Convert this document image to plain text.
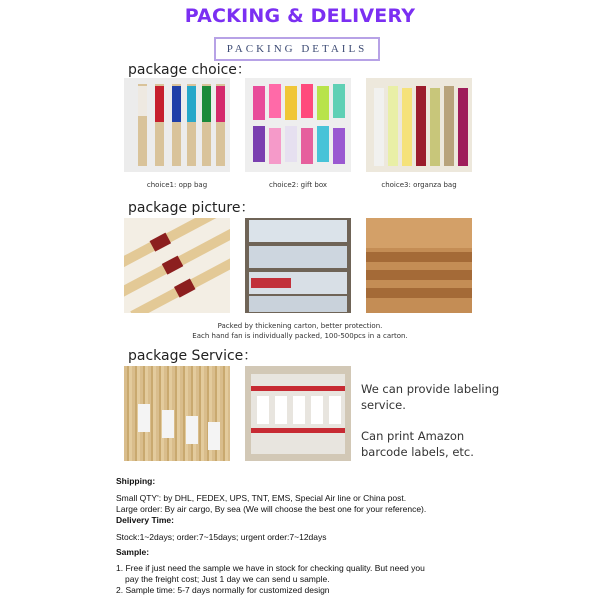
PACKING & DELIVERY
PACKING DETAILS
package choice：
choice1: opp bag	choice2: gift box	choice3: organza bag
package picture：
Packed by thickening carton, better protection.
Each hand fan is individually packed, 100-500pcs in a carton.
package Service：
We can provide labeling
service.
Can print Amazon
barcode labels, etc.
Shipping:
Small QTY': by DHL, FEDEX, UPS, TNT, EMS, Special Air line or China post.
Large order: By air cargo, By sea (We will choose the best one for your reference).
Delivery Time:
Stock:1~2days; order:7~15days; urgent order:7~12days
Sample:
1. Free if just need the sample we have in stock for checking quality. But need you
pay the freight cost; Just 1 day we can send u sample.
2. Sample time: 5-7 days normally for customized design
